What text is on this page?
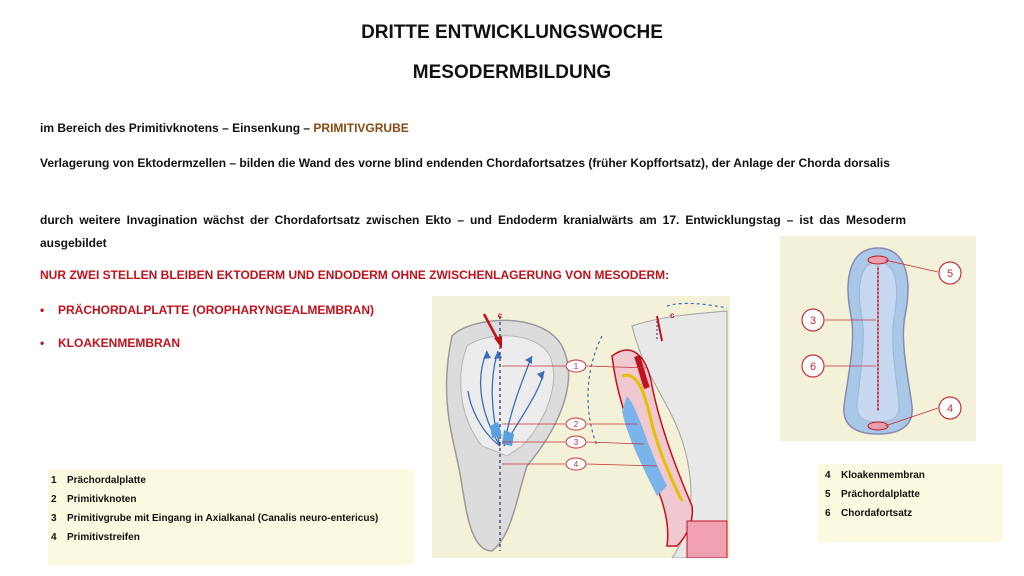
DRITTE ENTWICKLUNGSWOCHE
MESODERMBILDUNG
im Bereich des Primitivknotens – Einsenkung – PRIMITIVGRUBE
Verlagerung von Ektodermzellen – bilden die Wand des vorne blind endenden Chordafortsatzes (früher Kopffortsatz), der Anlage der Chorda dorsalis
durch weitere Invagination wächst der Chordafortsatz zwischen Ekto – und Endoderm kranialwärts am 17. Entwicklungstag – ist das Mesoderm ausgebildet
NUR ZWEI STELLEN BLEIBEN EKTODERM UND ENDODERM OHNE ZWISCHENLAGERUNG VON MESODERM:
• PRÄCHORDALPLATTE (OROPHARYNGEALMEMBRAN)
• KLOAKENMEMBRAN
c	c
1
2
3
4
5
3
6
4
1 Prächordalplatte
2 Primitivknoten
3 Primitivgrube mit Eingang in Axialkanal (Canalis neuro-entericus)
4 Primitivstreifen
4 Kloakenmembran
5 Prächordalplatte
6 Chordafortsatz
